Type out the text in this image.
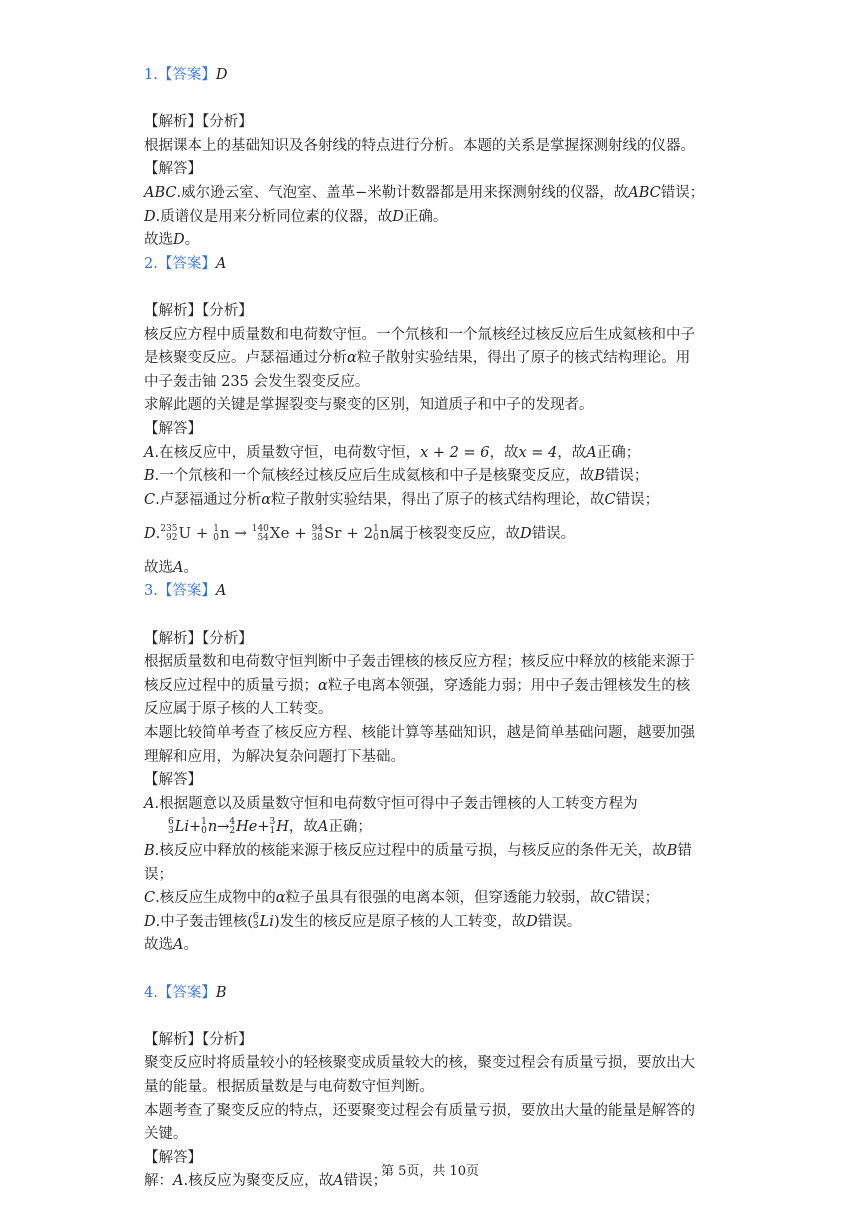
1.【答案】D
【解析】【分析】
根据课本上的基础知识及各射线的特点进行分析。本题的关系是掌握探测射线的仪器。
【解答】
ABC.威尔逊云室、气泡室、盖革−米勒计数器都是用来探测射线的仪器，故ABC错误；
D.质谱仪是用来分析同位素的仪器，故D正确。
故选D。
2.【答案】A
【解析】【分析】
核反应方程中质量数和电荷数守恒。一个氘核和一个氚核经过核反应后生成氦核和中子
是核聚变反应。卢瑟福通过分析α粒子散射实验结果，得出了原子的核式结构理论。用
中子轰击铀 235 会发生裂变反应。
求解此题的关键是掌握裂变与聚变的区别，知道质子和中子的发现者。
【解答】
A.在核反应中，质量数守恒，电荷数守恒，x + 2 = 6，故x = 4，故A正确；
B.一个氘核和一个氚核经过核反应后生成氦核和中子是核聚变反应，故B错误；
C.卢瑟福通过分析α粒子散射实验结果，得出了原子的核式结构理论，故C错误；
D. 235
92 U + 1
0 n → 140
54 Xe + 94
38 Sr + 2 1
0 n属于核裂变反应，故D错误。
故选A。
3.【答案】A
【解析】【分析】
根据质量数和电荷数守恒判断中子轰击锂核的核反应方程；核反应中释放的核能来源于
核反应过程中的质量亏损；α粒子电离本领强，穿透能力弱；用中子轰击锂核发生的核
反应属于原子核的人工转变。
本题比较简单考查了核反应方程、核能计算等基础知识，越是简单基础问题，越要加强
理解和应用，为解决复杂问题打下基础。
【解答】
A.根据题意以及质量数守恒和电荷数守恒可得中子轰击锂核的人工转变方程为
6
3 Li+ 1
0 n→ 4
2 He+ 3
1 H，故A正确；
B.核反应中释放的核能来源于核反应过程中的质量亏损，与核反应的条件无关，故B错
误；
C.核反应生成物中的α粒子虽具有很强的电离本领，但穿透能力较弱，故C错误；
D.中子轰击锂核( 6
3 Li)发生的核反应是原子核的人工转变，故D错误。
故选A。
4.【答案】B
【解析】【分析】
聚变反应时将质量较小的轻核聚变成质量较大的核，聚变过程会有质量亏损，要放出大
量的能量。根据质量数是与电荷数守恒判断。
本题考查了聚变反应的特点，还要聚变过程会有质量亏损，要放出大量的能量是解答的
关键。
【解答】
解：A.核反应为聚变反应，故A错误；
第 5页，共 10页
